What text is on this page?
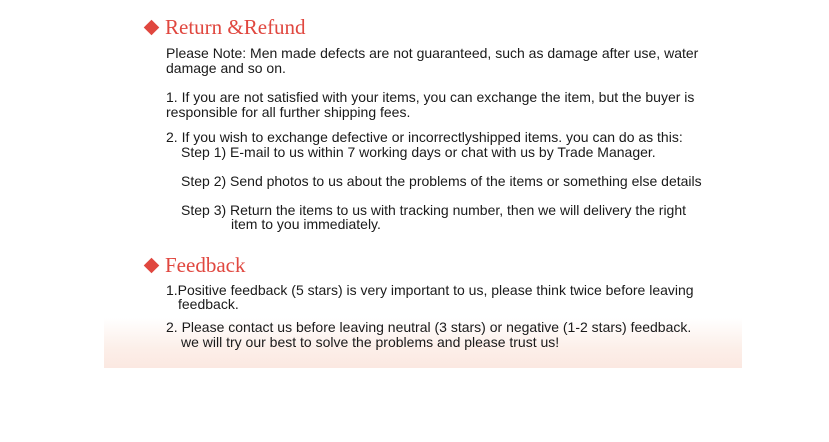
Return &Refund
Please Note: Men made defects are not guaranteed, such as damage after use, water
damage and so on.
1. If you are not satisfied with your items, you can exchange the item, but the buyer is
responsible for all further shipping fees.
2. If you wish to exchange defective or incorrectlyshipped items. you can do as this:
Step 1) E-mail to us within 7 working days or chat with us by Trade Manager.
Step 2) Send photos to us about the problems of the items or something else details
Step 3) Return the items to us with tracking number, then we will delivery the right
item to you immediately.
Feedback
1.Positive feedback (5 stars) is very important to us, please think twice before leaving
feedback.
2. Please contact us before leaving neutral (3 stars) or negative (1-2 stars) feedback.
we will try our best to solve the problems and please trust us!
